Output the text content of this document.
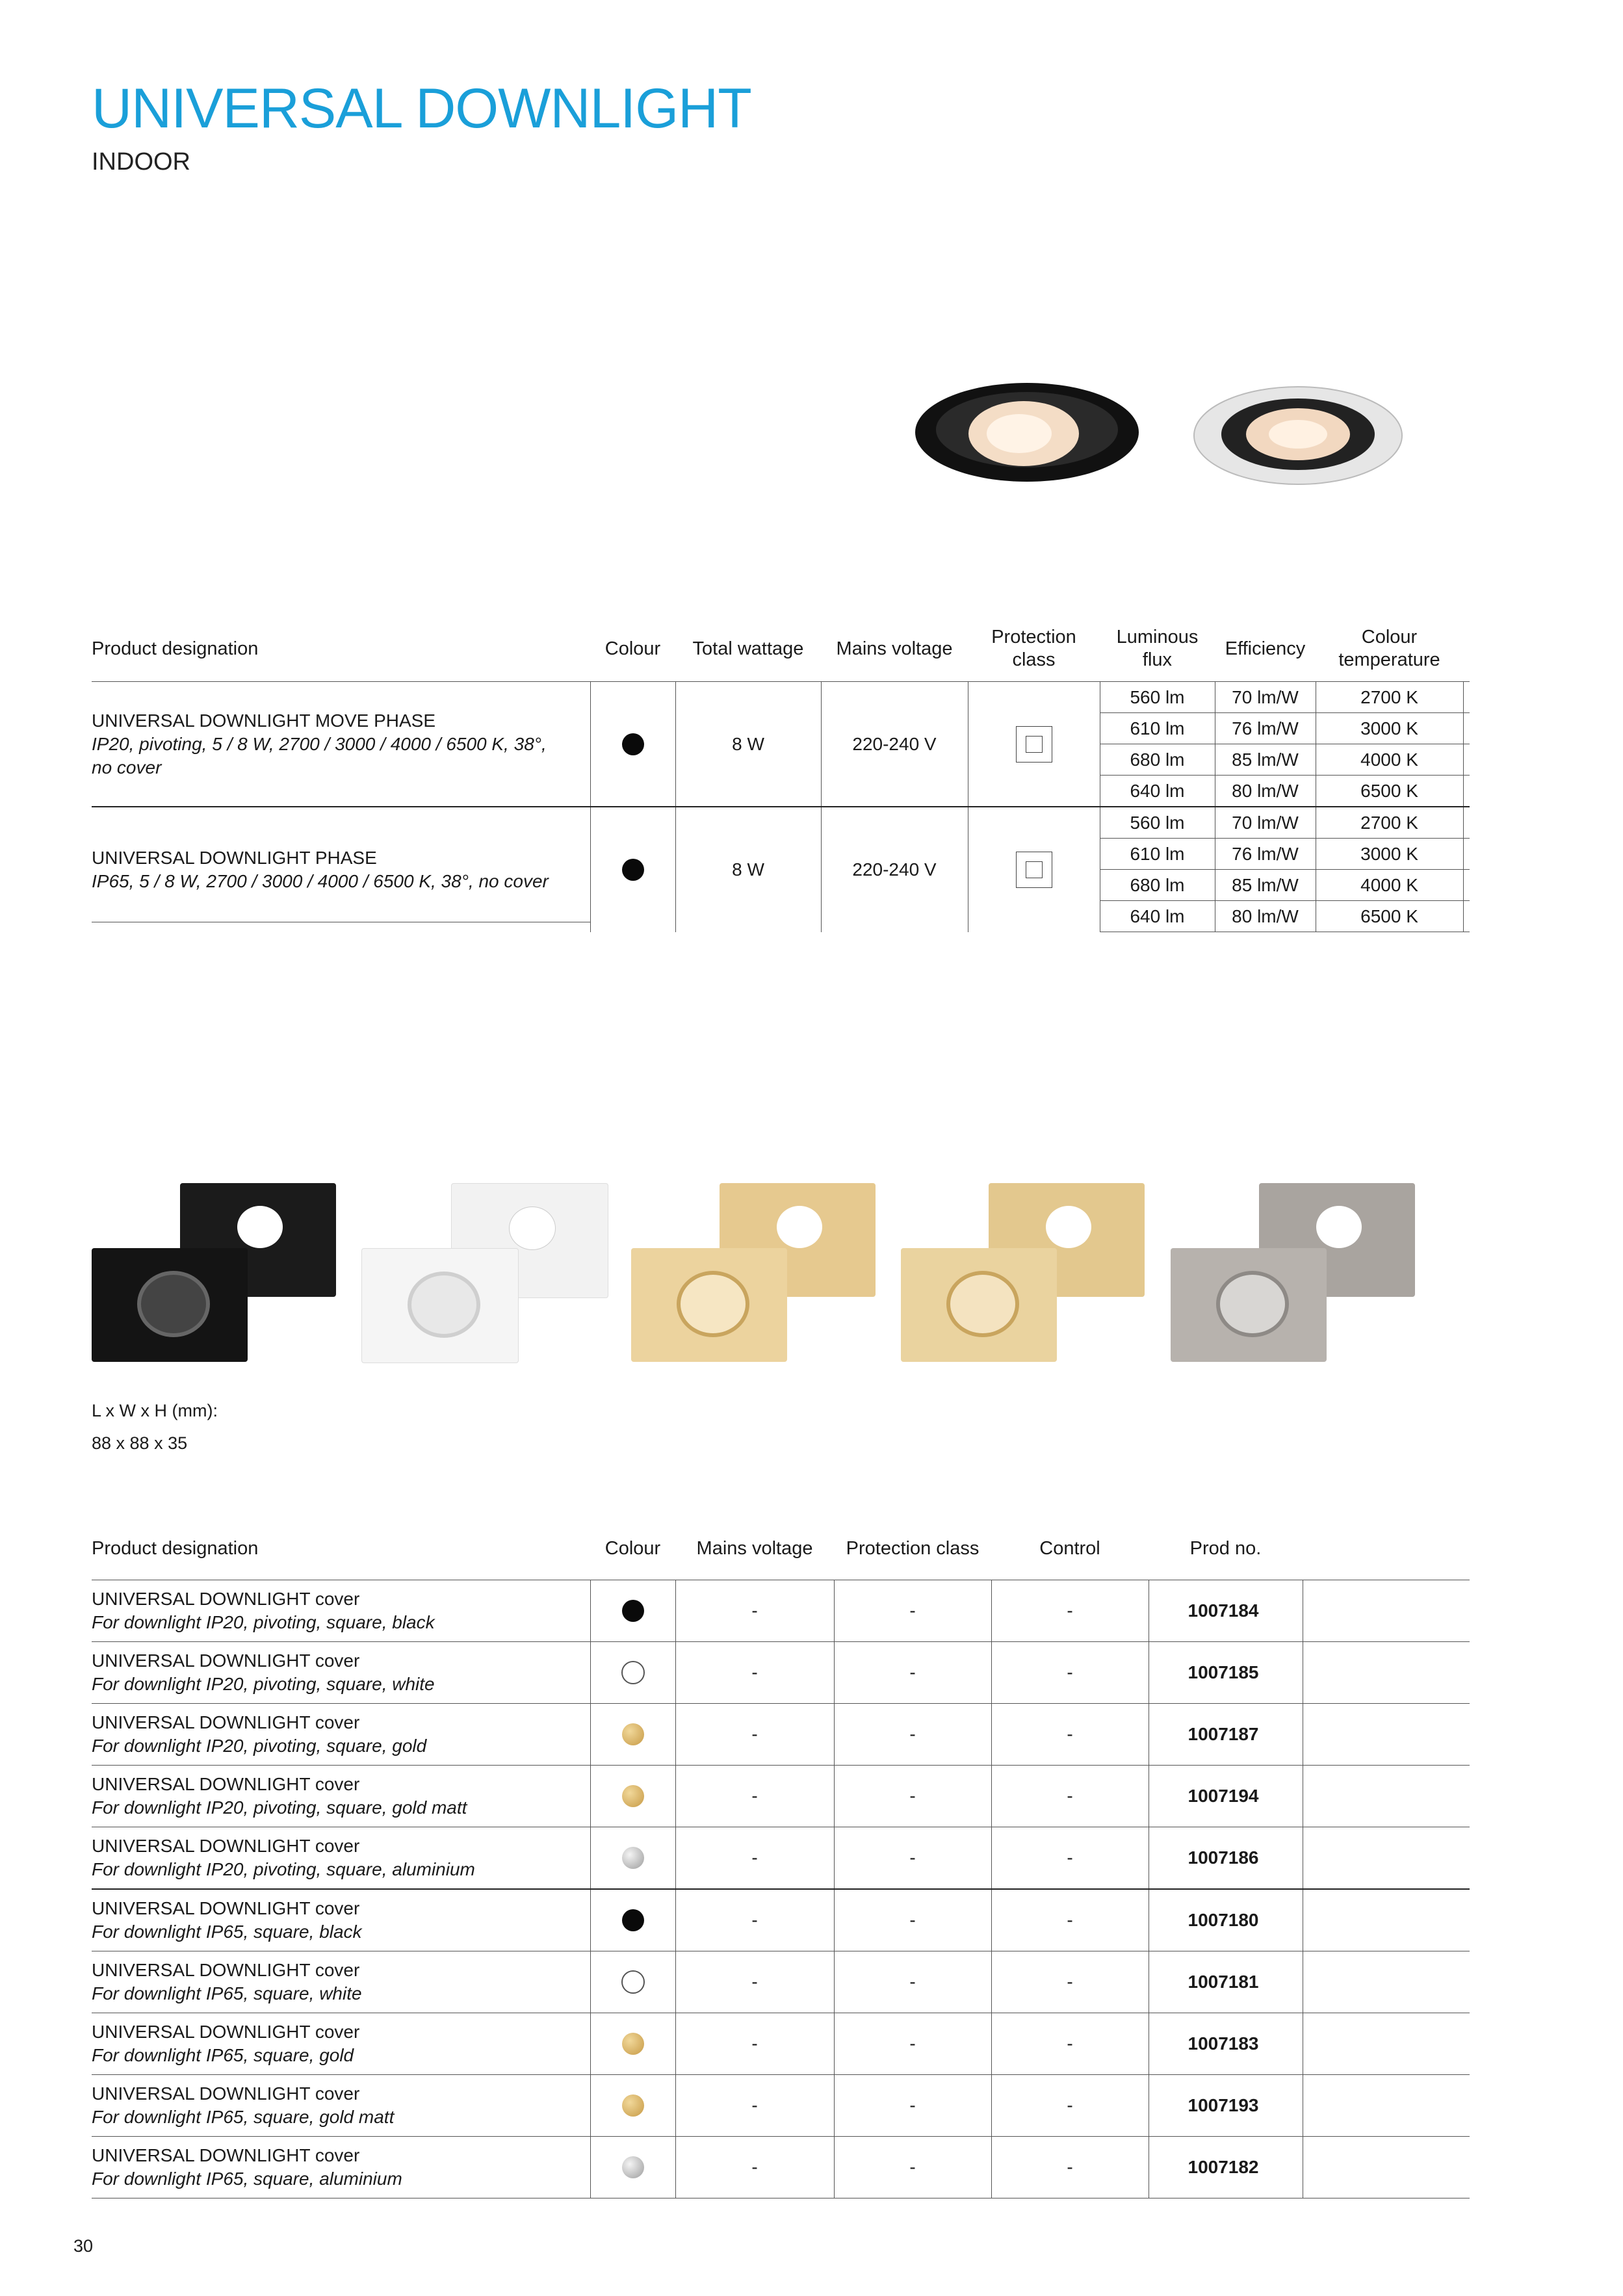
UNIVERSAL DOWNLIGHT
INDOOR
Product designation	Colour	Total wattage	Mains voltage	Protection
class	Luminous
flux	Efficiency	Colour
temperature	
UNIVERSAL DOWNLIGHT MOVE PHASE
IP20, pivoting, 5 / 8 W, 2700 / 3000 / 4000 / 6500 K, 38°,
no cover		8 W	220-240 V		560 lm	70 lm/W	2700 K	
					610 lm	76 lm/W	3000 K	
					680 lm	85 lm/W	4000 K	
					640 lm	80 lm/W	6500 K	
UNIVERSAL DOWNLIGHT PHASE
IP65, 5 / 8 W, 2700 / 3000 / 4000 / 6500 K, 38°, no cover		8 W	220-240 V		560 lm	70 lm/W	2700 K	
					610 lm	76 lm/W	3000 K	
					680 lm	85 lm/W	4000 K	
					640 lm	80 lm/W	6500 K	
L x W x H (mm):
88 x 88 x 35
Product designation	Colour	Mains voltage	Protection class	Control	Prod no.	
UNIVERSAL DOWNLIGHT cover
For downlight IP20, pivoting, square, black		-	-	-	1007184	
UNIVERSAL DOWNLIGHT cover
For downlight IP20, pivoting, square, white		-	-	-	1007185	
UNIVERSAL DOWNLIGHT cover
For downlight IP20, pivoting, square, gold		-	-	-	1007187	
UNIVERSAL DOWNLIGHT cover
For downlight IP20, pivoting, square, gold matt		-	-	-	1007194	
UNIVERSAL DOWNLIGHT cover
For downlight IP20, pivoting, square, aluminium		-	-	-	1007186	
UNIVERSAL DOWNLIGHT cover
For downlight IP65, square, black		-	-	-	1007180	
UNIVERSAL DOWNLIGHT cover
For downlight IP65, square, white		-	-	-	1007181	
UNIVERSAL DOWNLIGHT cover
For downlight IP65, square, gold		-	-	-	1007183	
UNIVERSAL DOWNLIGHT cover
For downlight IP65, square, gold matt		-	-	-	1007193	
UNIVERSAL DOWNLIGHT cover
For downlight IP65, square, aluminium		-	-	-	1007182	
30
